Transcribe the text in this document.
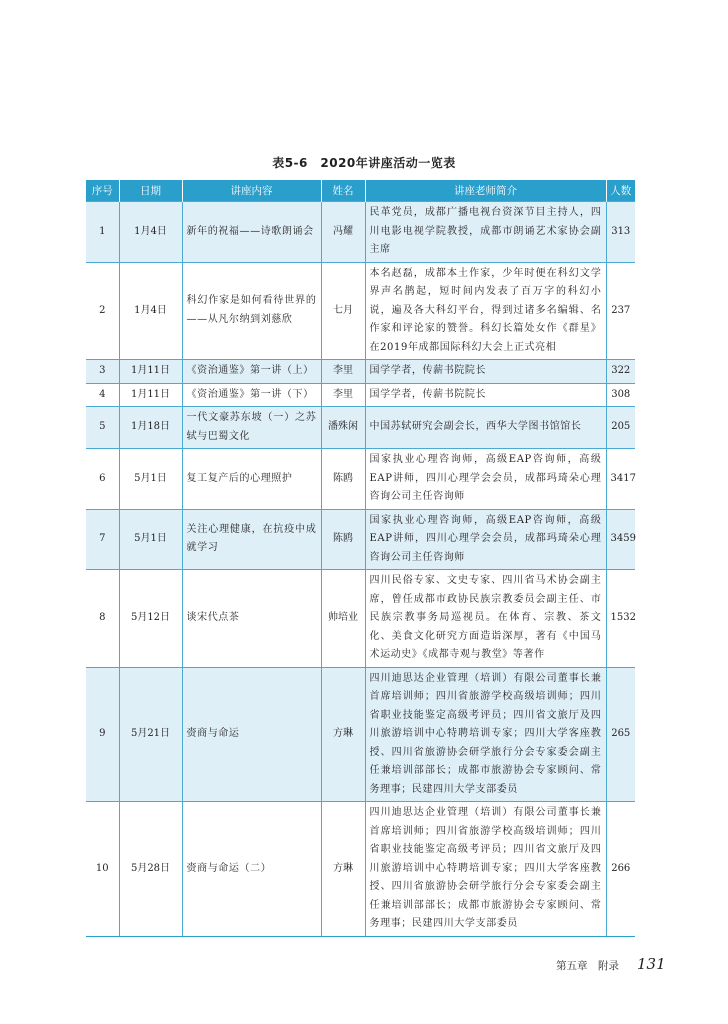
表5-6　2020年讲座活动一览表
序号	日期	讲座内容	姓名	讲座老师简介	人数
1	1月4日	新年的祝福——诗歌朗诵会	冯耀	民革党员，成都广播电视台资深节目主持人，四川电影电视学院教授，成都市朗诵艺术家协会副主席	313
2	1月4日	科幻作家是如何看待世界的——从凡尔纳到刘慈欣	七月	本名赵磊，成都本土作家，少年时便在科幻文学界声名鹊起，短时间内发表了百万字的科幻小说，遍及各大科幻平台，得到过诸多名编辑、名作家和评论家的赞誉。科幻长篇处女作《群星》在2019年成都国际科幻大会上正式亮相	237
3	1月11日	《资治通鉴》第一讲（上）	李里	国学学者，传薪书院院长	322
4	1月11日	《资治通鉴》第一讲（下）	李里	国学学者，传薪书院院长	308
5	1月18日	一代文豪苏东坡（一）之苏轼与巴蜀文化	潘殊闲	中国苏轼研究会副会长，西华大学图书馆馆长	205
6	5月1日	复工复产后的心理照护	陈鸥	国家执业心理咨询师，高级EAP咨询师，高级EAP讲师，四川心理学会会员，成都玛琦朵心理咨询公司主任咨询师	3417
7	5月1日	关注心理健康，在抗疫中成就学习	陈鸥	国家执业心理咨询师，高级EAP咨询师，高级EAP讲师，四川心理学会会员，成都玛琦朵心理咨询公司主任咨询师	3459
8	5月12日	谈宋代点茶	帅培业	四川民俗专家、文史专家、四川省马术协会副主席，曾任成都市政协民族宗教委员会副主任、市民族宗教事务局巡视员。在体育、宗教、茶文化、美食文化研究方面造诣深厚，著有《中国马术运动史》《成都寺观与教堂》等著作	1532
9	5月21日	赍商与命运	方琳	四川迪思达企业管理（培训）有限公司董事长兼首席培训师；四川省旅游学校高级培训师；四川省职业技能鉴定高级考评员；四川省文旅厅及四川旅游培训中心特聘培训专家；四川大学客座教授、四川省旅游协会研学旅行分会专家委会副主任兼培训部部长；成都市旅游协会专家顾问、常务理事；民建四川大学支部委员	265
10	5月28日	赍商与命运（二）	方琳	四川迪思达企业管理（培训）有限公司董事长兼首席培训师；四川省旅游学校高级培训师；四川省职业技能鉴定高级考评员；四川省文旅厅及四川旅游培训中心特聘培训专家；四川大学客座教授、四川省旅游协会研学旅行分会专家委会副主任兼培训部部长；成都市旅游协会专家顾问、常务理事；民建四川大学支部委员	266
第五章　附录 131
